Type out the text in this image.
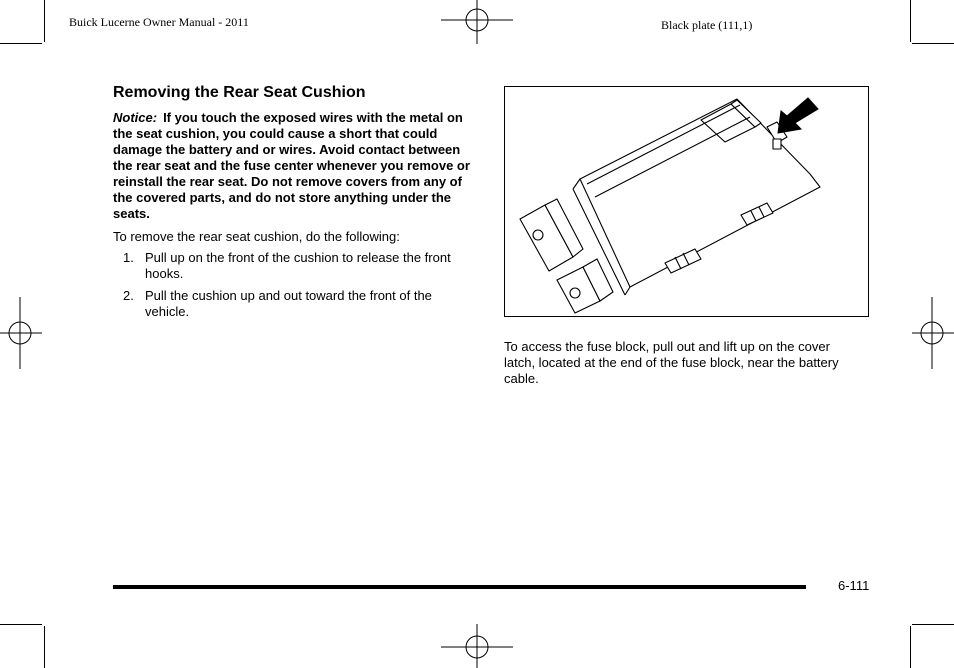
Buick Lucerne Owner Manual - 2011	Black plate (111,1)
Removing the Rear Seat Cushion
Notice: If you touch the exposed wires with the metal on the seat cushion, you could cause a short that could damage the battery and or wires. Avoid contact between the rear seat and the fuse center whenever you remove or reinstall the rear seat. Do not remove covers from any of the covered parts, and do not store anything under the seats.
To remove the rear seat cushion, do the following:
1. Pull up on the front of the cushion to release the front hooks.
2. Pull the cushion up and out toward the front of the vehicle.
To access the fuse block, pull out and lift up on the cover latch, located at the end of the fuse block, near the battery cable.
6-111
